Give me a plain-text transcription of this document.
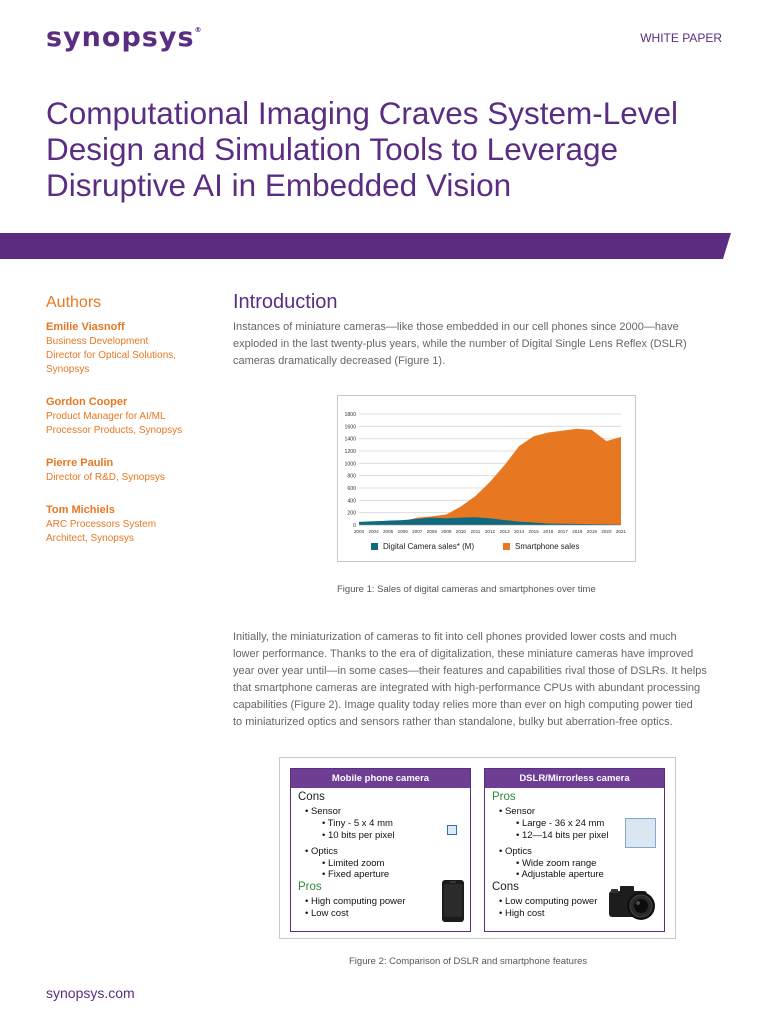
synopsys®
WHITE PAPER
Computational Imaging Craves System-Level
Design and Simulation Tools to Leverage
Disruptive AI in Embedded Vision
Authors
Emilie Viasnoff
Business Development
Director for Optical Solutions,
Synopsys
Gordon Cooper
Product Manager for AI/ML
Processor Products, Synopsys
Pierre Paulin
Director of R&D, Synopsys
Tom Michiels
ARC Processors System
Architect, Synopsys
Introduction
Instances of miniature cameras—like those embedded in our cell phones since 2000—have
exploded in the last twenty-plus years, while the number of Digital Single Lens Reflex (DSLR)
cameras dramatically decreased (Figure 1).
0
200
400
600
800
1000
1200
1400
1600
1800
2003 2004 2005 2006 2007 2008 2009 2010 2011 2012 2013 2014 2015 2016 2017 2018 2019 2020 2021
Digital Camera sales* (M)	Smartphone sales
Figure 1: Sales of digital cameras and smartphones over time
Initially, the miniaturization of cameras to fit into cell phones provided lower costs and much
lower performance. Thanks to the era of digitalization, these miniature cameras have improved
year over year until—in some cases—their features and capabilities rival those of DSLRs. It helps
that smartphone cameras are integrated with high-performance CPUs with abundant processing
capabilities (Figure 2). Image quality today relies more than ever on high computing power tied
to miniaturized optics and sensors rather than standalone, bulky but aberration-free optics.
Mobile phone camera
Cons
• Sensor
• Tiny - 5 x 4 mm
• 10 bits per pixel
• Optics
• Limited zoom
• Fixed aperture
Pros
• High computing power
• Low cost
DSLR/Mirrorless camera
Pros
• Sensor
• Large - 36 x 24 mm
• 12—14 bits per pixel
• Optics
• Wide zoom range
• Adjustable aperture
Cons
• Low computing power
• High cost
Figure 2: Comparison of DSLR and smartphone features
synopsys.com
